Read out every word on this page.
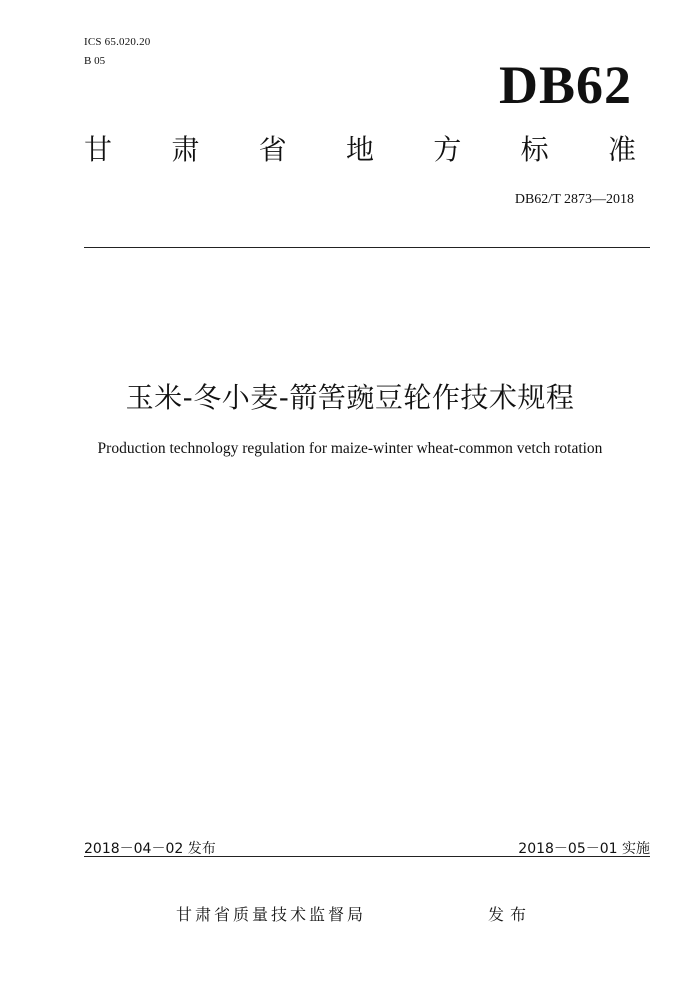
ICS 65.020.20
B 05	DB62
甘 肃 省 地 方 标 准
DB62/T 2873—2018
玉米-冬小麦-箭筈豌豆轮作技术规程
Production technology regulation for maize-winter wheat-common vetch rotation
2018－04－02 发布	2018－05－01 实施
甘肃省质量技术监督局	发布
